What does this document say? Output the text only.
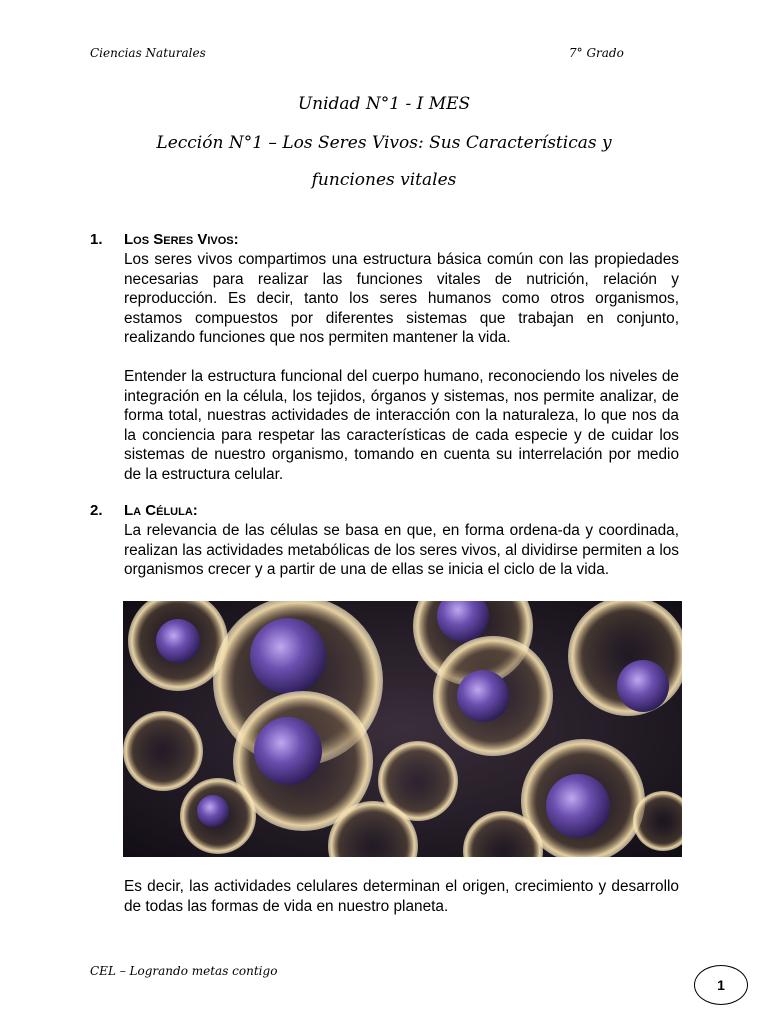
Ciencias Naturales	7° Grado
Unidad N°1 - I MES
Lección N°1 – Los Seres Vivos: Sus Características y
funciones vitales
1. Los Seres Vivos:

Los seres vivos compartimos una estructura básica común con las propiedades necesarias para realizar las funciones vitales de nutrición, relación y reproducción. Es decir, tanto los seres humanos como otros organismos, estamos compuestos por diferentes sistemas que trabajan en conjunto, realizando funciones que nos permiten mantener la vida.

Entender la estructura funcional del cuerpo humano, reconociendo los niveles de integración en la célula, los tejidos, órganos y sistemas, nos permite analizar, de forma total, nuestras actividades de interacción con la naturaleza, lo que nos da la conciencia para respetar las características de cada especie y de cuidar los sistemas de nuestro organismo, tomando en cuenta su interrelación por medio de la estructura celular.

2. La Célula:

La relevancia de las células se basa en que, en forma ordena-da y coordinada, realizan las actividades metabólicas de los seres vivos, al dividirse permiten a los organismos crecer y a partir de una de ellas se inicia el ciclo de la vida.

Es decir, las actividades celulares determinan el origen, crecimiento y desarrollo de todas las formas de vida en nuestro planeta.

CEL – Logrando metas contigo
1
